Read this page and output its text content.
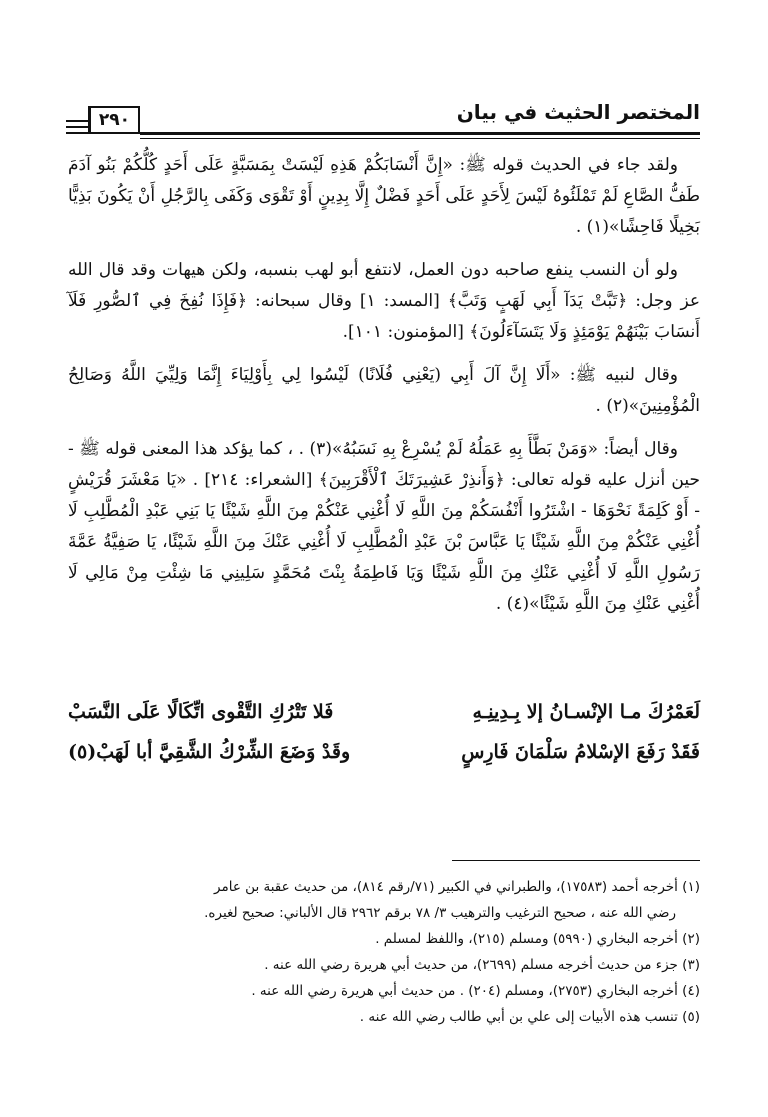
٢٩٠	المختصر الحثيث في بيان

ولقد جاء في الحديث قوله ﷺ: «إِنَّ أَنْسَابَكُمْ هَذِهِ لَيْسَتْ بِمَسَبَّةٍ عَلَى أَحَدٍ كُلُّكُمْ بَنُو آدَمَ طَفُّ الصَّاعِ لَمْ تَمْلَئُوهُ لَيْسَ لِأَحَدٍ عَلَى أَحَدٍ فَضْلٌ إِلَّا بِدِينٍ أَوْ تَقْوَى وَكَفَى بِالرَّجُلِ أَنْ يَكُونَ بَذِيًّا بَخِيلًا فَاحِشًا»(١) .

ولو أن النسب ينفع صاحبه دون العمل، لانتفع أبو لهب بنسبه، ولكن هيهات وقد قال الله عز وجل: ﴿تَبَّتْ يَدَآ أَبِي لَهَبٍ وَتَبَّ﴾ [المسد: ١] وقال سبحانه: ﴿فَإِذَا نُفِخَ فِي ٱلصُّورِ فَلَآ أَنسَابَ بَيْنَهُمْ يَوْمَئِذٍ وَلَا يَتَسَآءَلُونَ﴾ [المؤمنون: ١٠١].

وقال لنبيه ﷺ: «أَلَا إِنَّ آلَ أَبِي (يَعْنِي فُلَانًا) لَيْسُوا لِي بِأَوْلِيَاءَ إِنَّمَا وَلِيِّيَ اللَّهُ وَصَالِحُ الْمُؤْمِنِينَ»(٢) .

وقال أيضاً: «وَمَنْ بَطَّأَ بِهِ عَمَلُهُ لَمْ يُسْرِعْ بِهِ نَسَبُهُ»(٣) . ، كما يؤكد هذا المعنى قوله ﷺ - حين أنزل عليه قوله تعالى: ﴿وَأَنذِرْ عَشِيرَتَكَ ٱلْأَقْرَبِينَ﴾ [الشعراء: ٢١٤] . «يَا مَعْشَرَ قُرَيْشٍ - أَوْ كَلِمَةً نَحْوَهَا - اشْتَرُوا أَنْفُسَكُمْ مِنَ اللَّهِ لَا أُغْنِي عَنْكُمْ مِنَ اللَّهِ شَيْئًا يَا بَنِي عَبْدِ الْمُطَّلِبِ لَا أُغْنِي عَنْكُمْ مِنَ اللَّهِ شَيْئًا يَا عَبَّاسَ بْنَ عَبْدِ الْمُطَّلِبِ لَا أُغْنِي عَنْكَ مِنَ اللَّهِ شَيْئًا، يَا صَفِيَّةُ عَمَّةَ رَسُولِ اللَّهِ لَا أُغْنِي عَنْكِ مِنَ اللَّهِ شَيْئًا وَيَا فَاطِمَةُ بِنْتَ مُحَمَّدٍ سَلِينِي مَا شِئْتِ مِنْ مَالِي لَا أُغْنِي عَنْكِ مِنَ اللَّهِ شَيْئًا»(٤) .

لَعَمْرُكَ مـا الإنْسـانُ إلا بِـدِينِـهِ
فَلا تَتْرُكِ التَّقْوى اتِّكَالًا عَلَى النَّسَبْ
فَقَدْ رَفَعَ الإسْلامُ سَلْمَانَ فَارِسٍ
وقَدْ وَضَعَ الشِّرْكُ الشَّقِيَّ أبا لَهَبْ(٥)

(١) أخرجه أحمد (١٧٥٨٣)، والطبراني في الكبير (٧١/رقم ٨١٤)، من حديث عقبة بن عامر

رضي الله عنه ، صحيح الترغيب والترهيب ٣/ ٧٨ برقم ٢٩٦٢ قال الألباني: صحيح لغيره.

(٢) أخرجه البخاري (٥٩٩٠) ومسلم (٢١٥)، واللفظ لمسلم .

(٣) جزء من حديث أخرجه مسلم (٢٦٩٩)، من حديث أبي هريرة رضي الله عنه .

(٤) أخرجه البخاري (٢٧٥٣)، ومسلم (٢٠٤) . من حديث أبي هريرة رضي الله عنه .

(٥) تنسب هذه الأبيات إلى علي بن أبي طالب رضي الله عنه .
